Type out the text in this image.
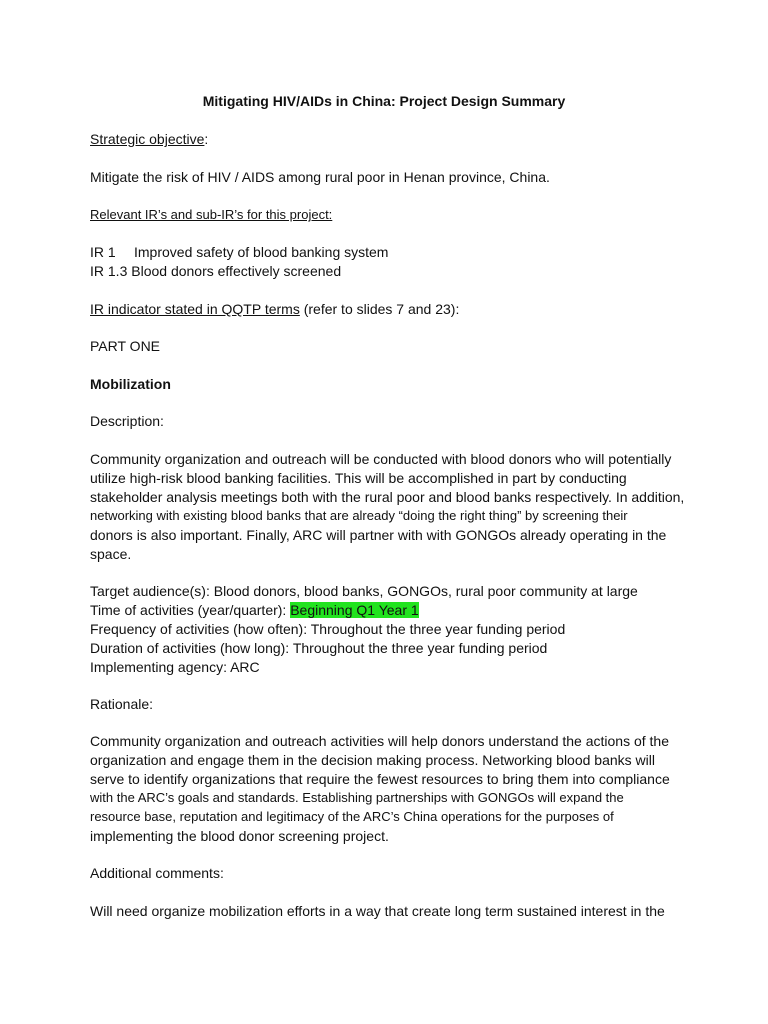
Mitigating HIV/AIDs in China: Project Design Summary
Strategic objective:
Mitigate the risk of HIV / AIDS among rural poor in Henan province, China.
Relevant IR’s and sub-IR’s for this project:
IR 1 Improved safety of blood banking system
IR 1.3 Blood donors effectively screened
IR indicator stated in QQTP terms (refer to slides 7 and 23):
PART ONE
Mobilization
Description:
Community organization and outreach will be conducted with blood donors who will potentially
utilize high-risk blood banking facilities. This will be accomplished in part by conducting
stakeholder analysis meetings both with the rural poor and blood banks respectively. In addition,
networking with existing blood banks that are already “doing the right thing” by screening their
donors is also important. Finally, ARC will partner with with GONGOs already operating in the
space.
Target audience(s): Blood donors, blood banks, GONGOs, rural poor community at large
Time of activities (year/quarter): Beginning Q1 Year 1
Frequency of activities (how often): Throughout the three year funding period
Duration of activities (how long): Throughout the three year funding period
Implementing agency: ARC
Rationale:
Community organization and outreach activities will help donors understand the actions of the
organization and engage them in the decision making process. Networking blood banks will
serve to identify organizations that require the fewest resources to bring them into compliance
with the ARC’s goals and standards. Establishing partnerships with GONGOs will expand the
resource base, reputation and legitimacy of the ARC’s China operations for the purposes of
implementing the blood donor screening project.
Additional comments:
Will need organize mobilization efforts in a way that create long term sustained interest in the
